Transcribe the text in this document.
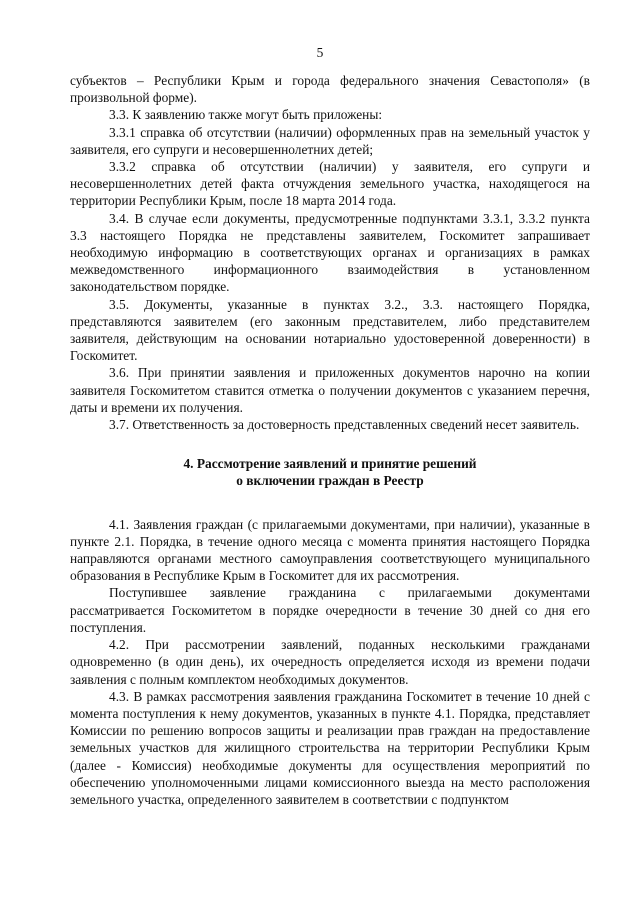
5

субъектов – Республики Крым и города федерального значения Севастополя» (в произвольной форме).

3.3. К заявлению также могут быть приложены:

3.3.1 справка об отсутствии (наличии) оформленных прав на земельный участок у заявителя, его супруги и несовершеннолетних детей;

3.3.2 справка об отсутствии (наличии) у заявителя, его супруги и несовершеннолетних детей факта отчуждения земельного участка, находящегося на территории Республики Крым, после 18 марта 2014 года.

3.4. В случае если документы, предусмотренные подпунктами 3.3.1, 3.3.2 пункта 3.3 настоящего Порядка не представлены заявителем, Госкомитет запрашивает необходимую информацию в соответствующих органах и организациях в рамках межведомственного информационного взаимодействия в установленном законодательством порядке.

3.5. Документы, указанные в пунктах 3.2., 3.3. настоящего Порядка, представляются заявителем (его законным представителем, либо представителем заявителя, действующим на основании нотариально удостоверенной доверенности) в Госкомитет.

3.6. При принятии заявления и приложенных документов нарочно на копии заявителя Госкомитетом ставится отметка о получении документов с указанием перечня, даты и времени их получения.

3.7. Ответственность за достоверность представленных сведений несет заявитель.

4. Рассмотрение заявлений и принятие решений
о включении граждан в Реестр

4.1. Заявления граждан (с прилагаемыми документами, при наличии), указанные в пункте 2.1. Порядка, в течение одного месяца с момента принятия настоящего Порядка направляются органами местного самоуправления соответствующего муниципального образования в Республике Крым в Госкомитет для их рассмотрения.

Поступившее заявление гражданина с прилагаемыми документами рассматривается Госкомитетом в порядке очередности в течение 30 дней со дня его поступления.

4.2. При рассмотрении заявлений, поданных несколькими гражданами одновременно (в один день), их очередность определяется исходя из времени подачи заявления с полным комплектом необходимых документов.

4.3. В рамках рассмотрения заявления гражданина Госкомитет в течение 10 дней с момента поступления к нему документов, указанных в пункте 4.1. Порядка, представляет Комиссии по решению вопросов защиты и реализации прав граждан на предоставление земельных участков для жилищного строительства на территории Республики Крым (далее - Комиссия) необходимые документы для осуществления мероприятий по обеспечению уполномоченными лицами комиссионного выезда на место расположения земельного участка, определенного заявителем в соответствии с подпунктом
